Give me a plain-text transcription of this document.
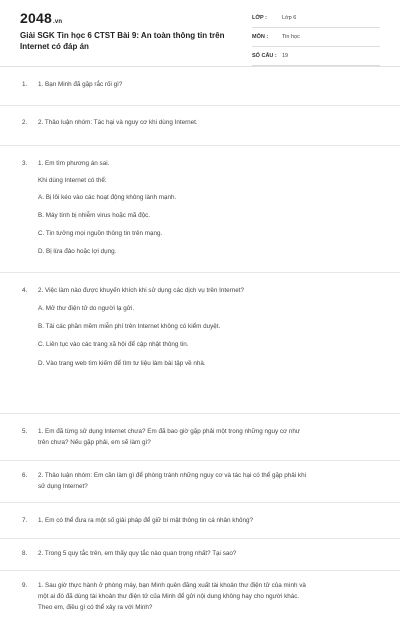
2048.vn
Giải SGK Tin học 6 CTST Bài 9: An toàn thông tin trên Internet có đáp án
LỚP :	Lớp 6
MÔN :	Tin học
SỐ CÂU : 19
1. 1. Bạn Minh đã gặp rắc rối gì?
2. 2. Thảo luận nhóm: Tác hại và nguy cơ khi dùng Internet.
3. 1. Em tìm phương án sai.
Khi dùng Internet có thể:
A. Bị lôi kéo vào các hoạt động không lành mạnh.
B. Máy tính bị nhiễm virus hoặc mã độc.
C. Tin tưởng mọi nguồn thông tin trên mạng.
D. Bị lừa đảo hoặc lợi dụng.
4. 2. Việc làm nào được khuyến khích khi sử dụng các dịch vụ trên Internet?
A. Mở thư điện tử do người lạ gửi.
B. Tải các phần mềm miễn phí trên Internet không có kiểm duyệt.
C. Liên tục vào các trang xã hội để cập nhật thông tin.
D. Vào trang web tìm kiếm để tìm tư liệu làm bài tập về nhà.
5. 1. Em đã từng sử dụng Internet chưa? Em đã bao giờ gặp phải một trong những nguy cơ như
trên chưa? Nếu gặp phải, em sẽ làm gì?
6. 2. Thảo luận nhóm: Em cần làm gì để phòng tránh những nguy cơ và tác hại có thể gặp phải khi
sử dụng Internet?
7. 1. Em có thể đưa ra một số giải pháp để giữ bí mật thông tin cá nhân không?
8. 2. Trong 5 quy tắc trên, em thấy quy tắc nào quan trọng nhất? Tại sao?
9. 1. Sau giờ thực hành ở phòng máy, bạn Minh quên đăng xuất tài khoản thư điện tử của mình và
một ai đó đã dùng tài khoản thư điện tử của Minh để gửi nội dung không hay cho người khác.
Theo em, điều gì có thể xảy ra với Minh?
